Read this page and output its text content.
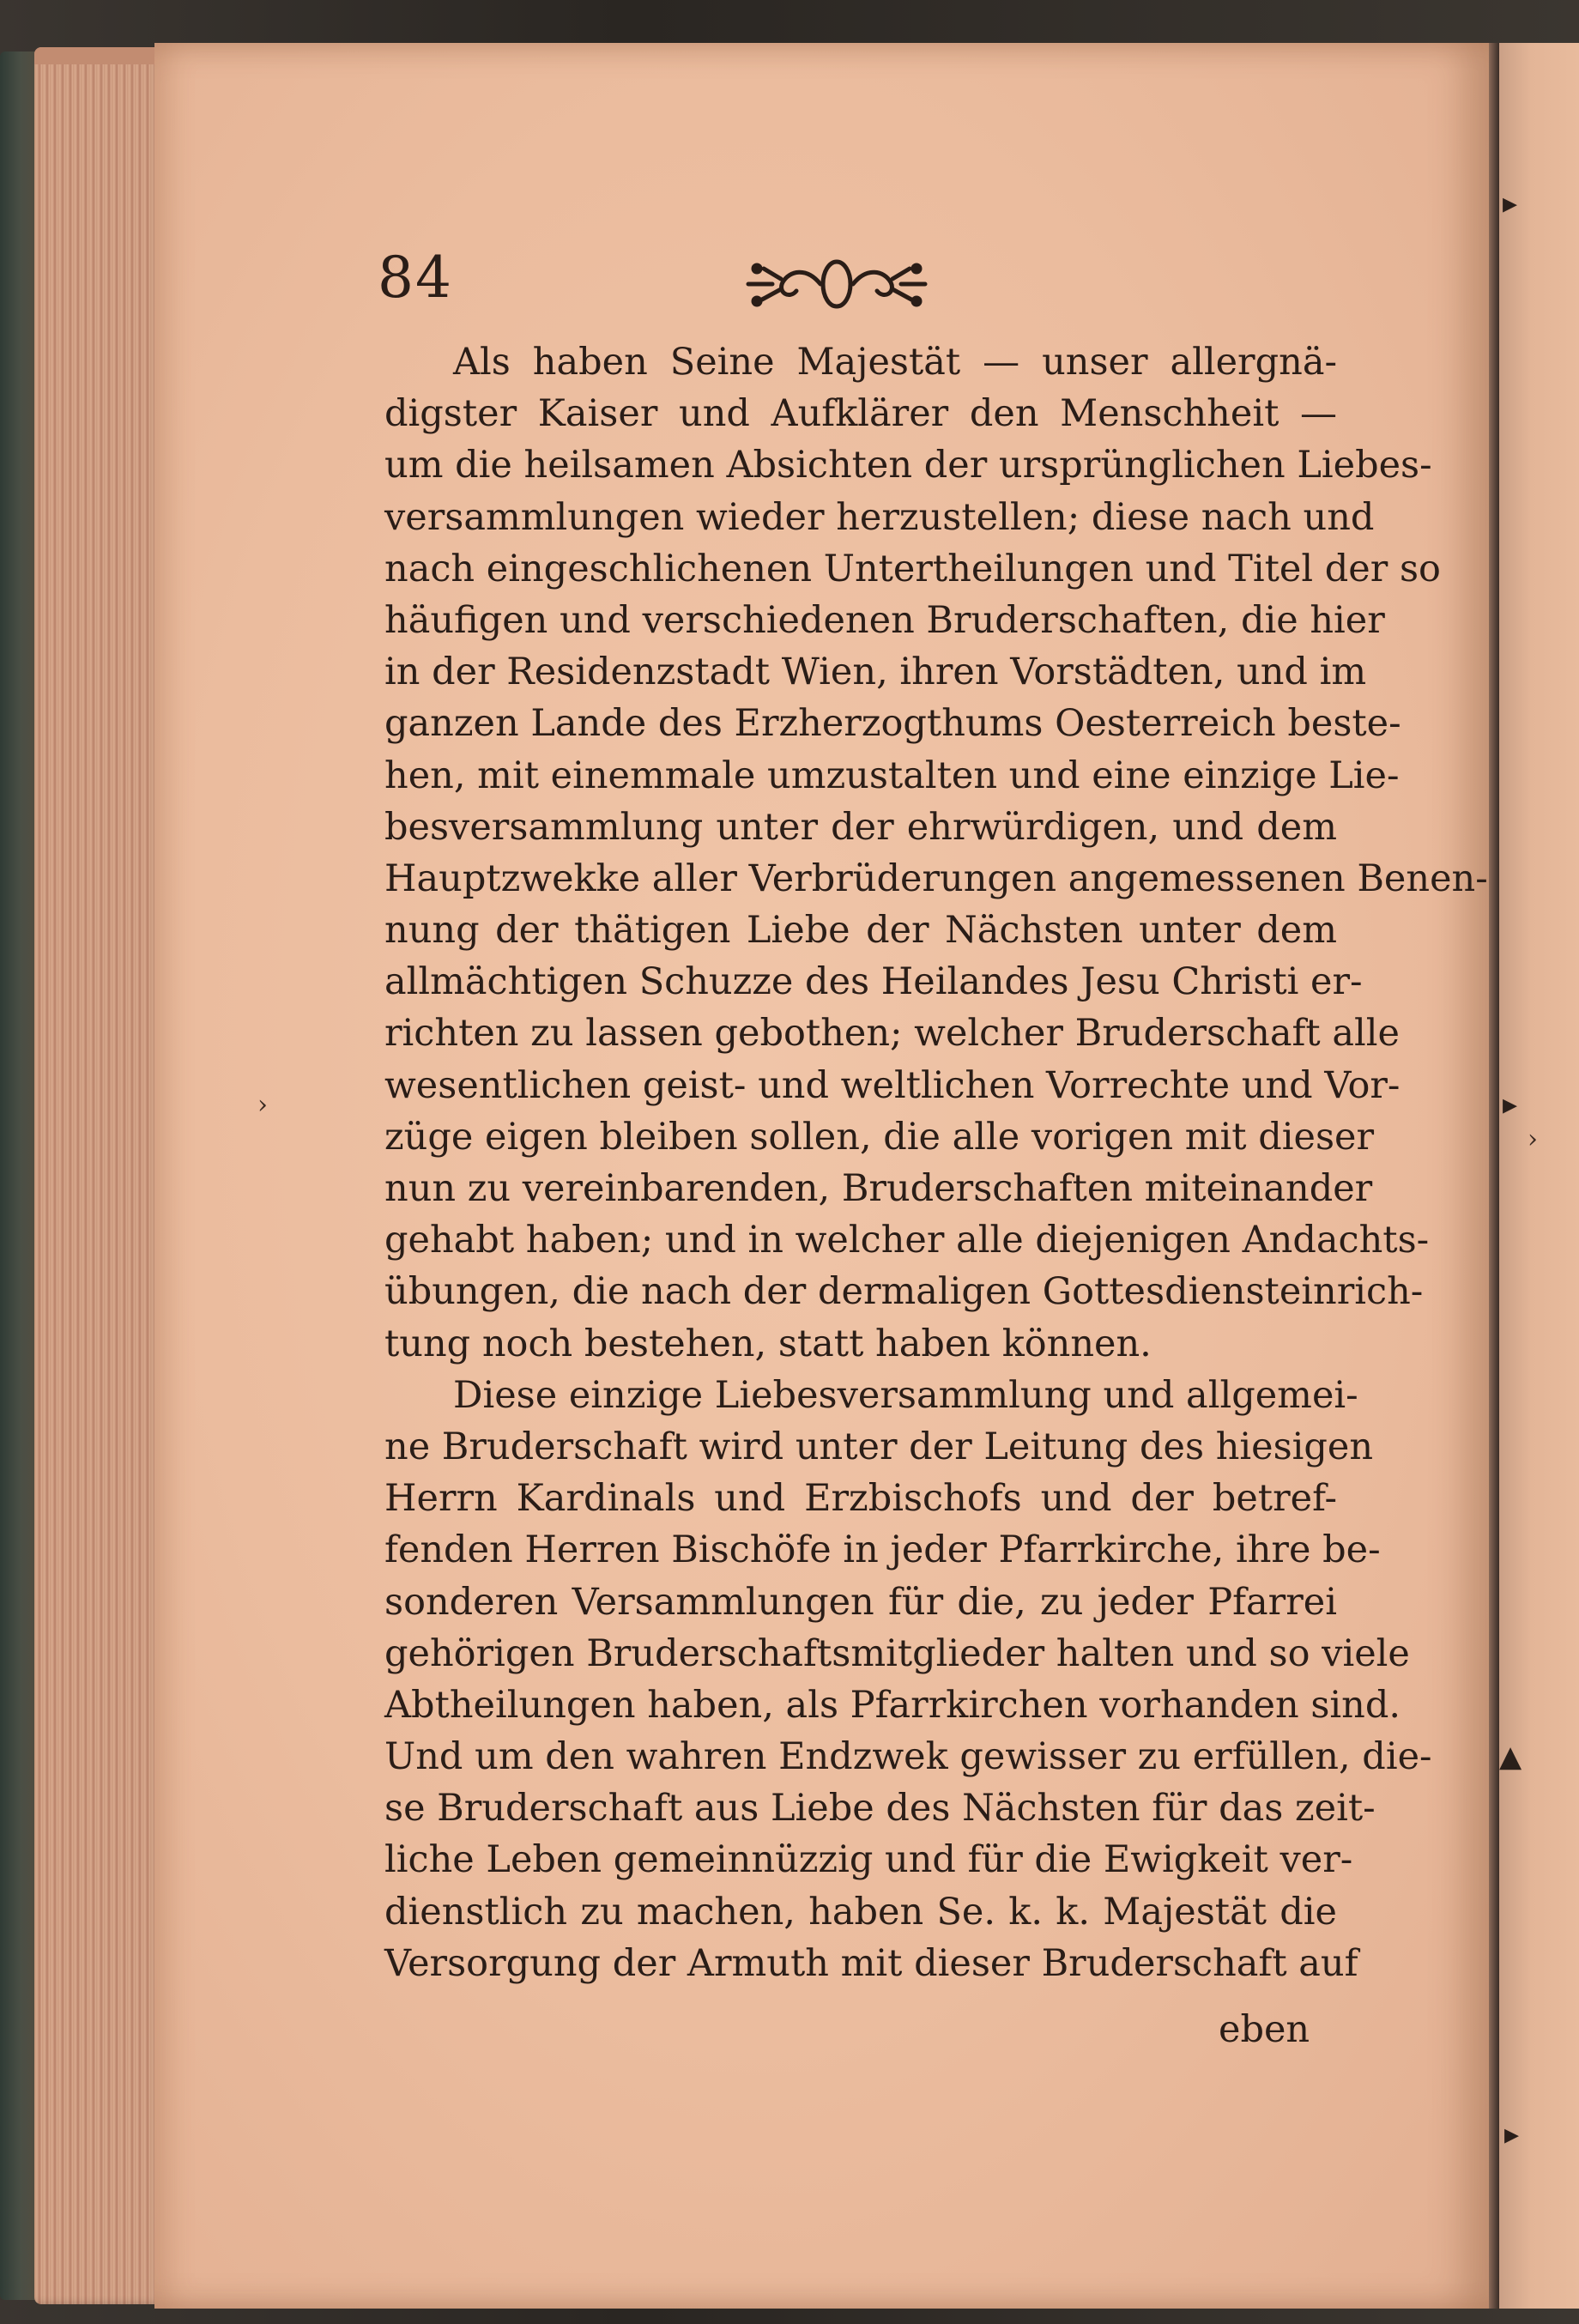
▸
▸
▲
▸
›
›
84
Als haben Seine Majestät — unser allergnä-
digster Kaiser und Aufklärer den Menschheit —
um die heilsamen Absichten der ursprünglichen Liebes-
versammlungen wieder herzustellen; diese nach und
nach eingeschlichenen Untertheilungen und Titel der so
häufigen und verschiedenen Bruderschaften, die hier
in der Residenzstadt Wien, ihren Vorstädten, und im
ganzen Lande des Erzherzogthums Oesterreich beste-
hen, mit einemmale umzustalten und eine einzige Lie-
besversammlung unter der ehrwürdigen, und dem
Hauptzwekke aller Verbrüderungen angemessenen Benen-
nung der thätigen Liebe der Nächsten unter dem
allmächtigen Schuzze des Heilandes Jesu Christi er-
richten zu lassen gebothen; welcher Bruderschaft alle
wesentlichen geist- und weltlichen Vorrechte und Vor-
züge eigen bleiben sollen, die alle vorigen mit dieser
nun zu vereinbarenden, Bruderschaften miteinander
gehabt haben; und in welcher alle diejenigen Andachts-
übungen, die nach der dermaligen Gottesdiensteinrich-
tung noch bestehen, statt haben können.
Diese einzige Liebesversammlung und allgemei-
ne Bruderschaft wird unter der Leitung des hiesigen
Herrn Kardinals und Erzbischofs und der betref-
fenden Herren Bischöfe in jeder Pfarrkirche, ihre be-
sonderen Versammlungen für die, zu jeder Pfarrei
gehörigen Bruderschaftsmitglieder halten und so viele
Abtheilungen haben, als Pfarrkirchen vorhanden sind.
Und um den wahren Endzwek gewisser zu erfüllen, die-
se Bruderschaft aus Liebe des Nächsten für das zeit-
liche Leben gemeinnüzzig und für die Ewigkeit ver-
dienstlich zu machen, haben Se. k. k. Majestät die
Versorgung der Armuth mit dieser Bruderschaft auf
eben
